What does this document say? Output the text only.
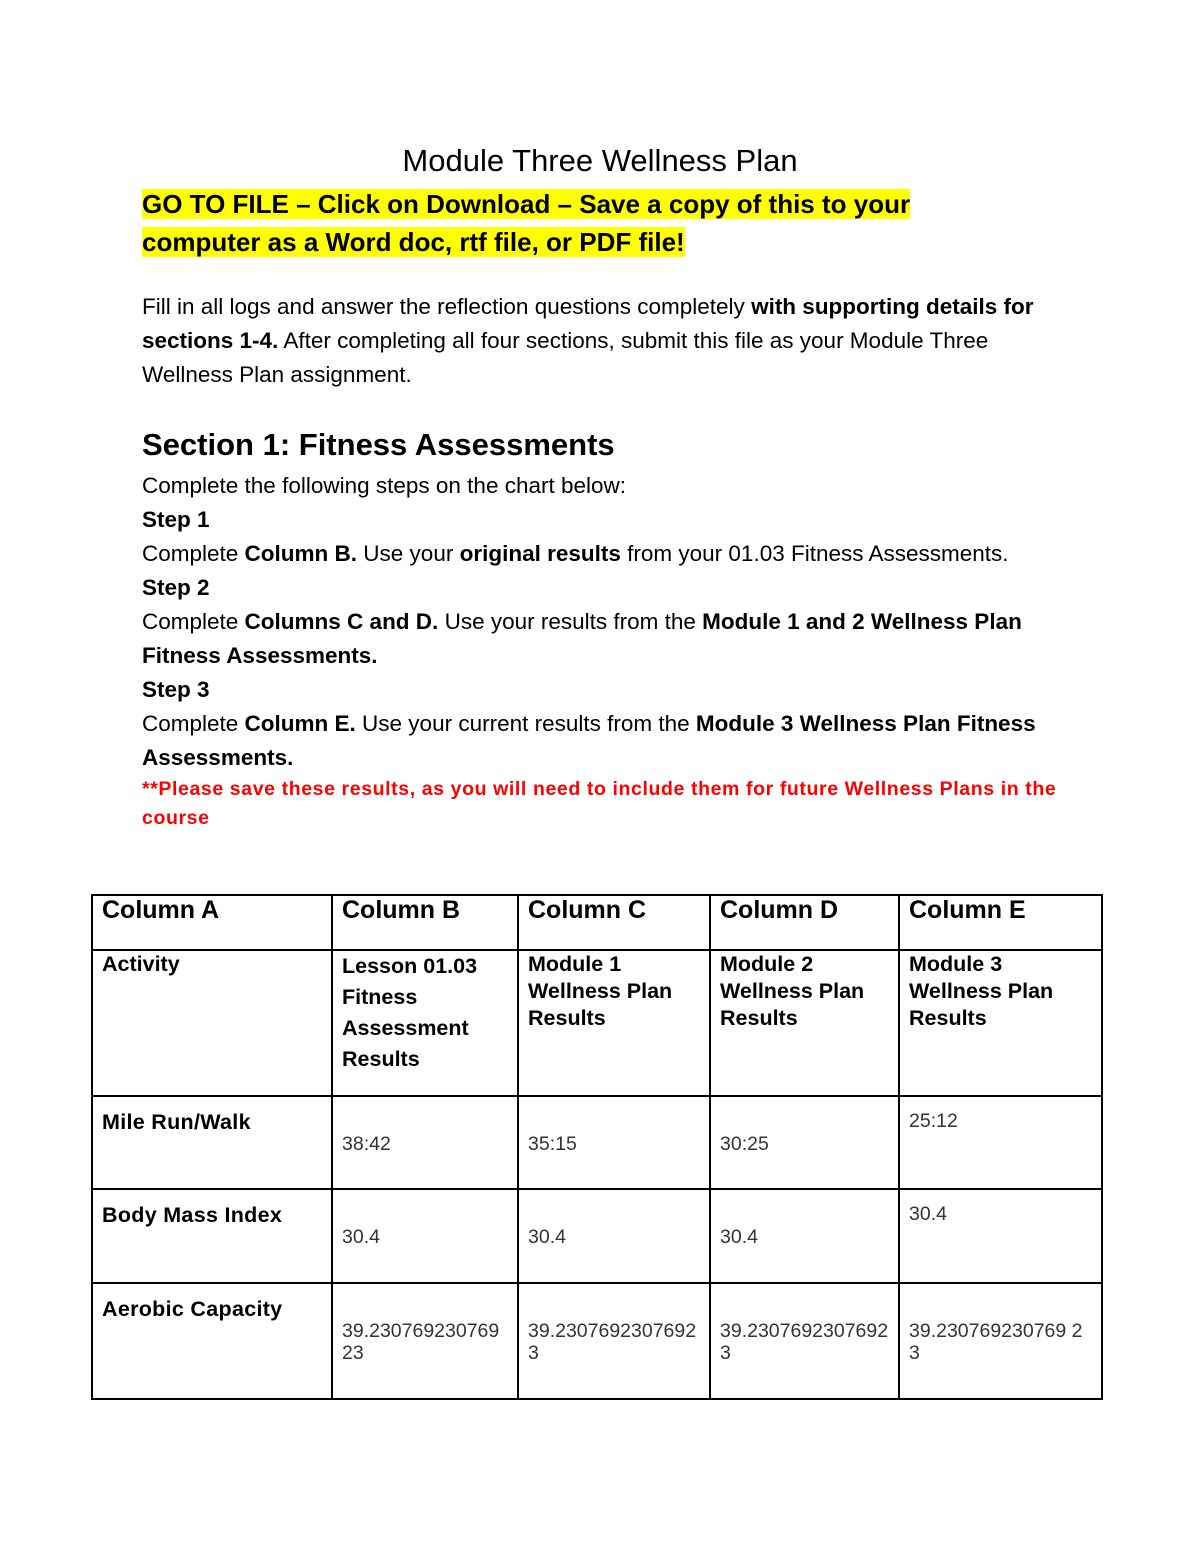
Module Three Wellness Plan
GO TO FILE – Click on Download – Save a copy of this to your
computer as a Word doc, rtf file, or PDF file!
Fill in all logs and answer the reflection questions completely with supporting details for sections 1-4. After completing all four sections, submit this file as your Module Three Wellness Plan assignment.
Section 1: Fitness Assessments

Complete the following steps on the chart below:

Step 1

Complete Column B. Use your original results from your 01.03 Fitness Assessments.

Step 2

Complete Columns C and D. Use your results from the Module 1 and 2 Wellness Plan Fitness Assessments.

Step 3

Complete Column E. Use your current results from the Module 3 Wellness Plan Fitness Assessments.

**Please save these results, as you will need to include them for future Wellness Plans in the course

Column A	Column B	Column C	Column D	Column E
Activity	Lesson 01.03 Fitness Assessment Results	Module 1 Wellness Plan Results	Module 2 Wellness Plan Results	Module 3 Wellness Plan Results
Mile Run/Walk	38:42	35:15	30:25	25:12
Body Mass Index	30.4	30.4	30.4	30.4
Aerobic Capacity	39.23076923076923	39.23076923076923	39.23076923076923	39.230769230769 23
